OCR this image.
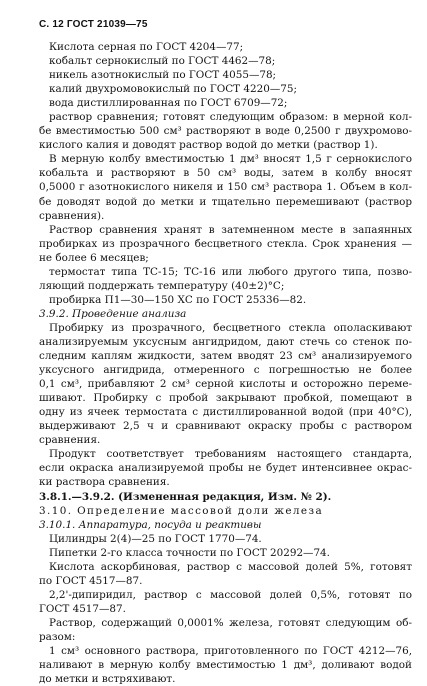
С. 12 ГОСТ 21039—75
Кислота серная по ГОСТ 4204—77;
кобальт сернокислый по ГОСТ 4462—78;
никель азотнокислый по ГОСТ 4055—78;
калий двухромовокислый по ГОСТ 4220—75;
вода дистиллированная по ГОСТ 6709—72;
раствор сравнения; готовят следующим образом: в мерной кол-
бе вместимостью 500 см³ растворяют в воде 0,2500 г двухромово-
кислого калия и доводят раствор водой до метки (раствор 1).
В мерную колбу вместимостью 1 дм³ вносят 1,5 г сернокислого
кобальта и растворяют в 50 см³ воды, затем в колбу вносят
0,5000 г азотнокислого никеля и 150 см³ раствора 1. Объем в кол-
бе доводят водой до метки и тщательно перемешивают (раствор
сравнения).
Раствор сравнения хранят в затемненном месте в запаянных
пробирках из прозрачного бесцветного стекла. Срок хранения —
не более 6 месяцев;
термостат типа ТС-15; ТС-16 или любого другого типа, позво-
ляющий поддержать температуру (40±2)°С;
пробирка П1—30—150 ХС по ГОСТ 25336—82.
3.9.2. Проведение анализа
Пробирку из прозрачного, бесцветного стекла ополаскивают
анализируемым уксусным ангидридом, дают стечь со стенок по-
следним каплям жидкости, затем вводят 23 см³ анализируемого
уксусного ангидрида, отмеренного с погрешностью не более
0,1 см³, прибавляют 2 см³ серной кислоты и осторожно переме-
шивают. Пробирку с пробой закрывают пробкой, помещают в
одну из ячеек термостата с дистиллированной водой (при 40°С),
выдерживают 2,5 ч и сравнивают окраску пробы с раствором
сравнения.
Продукт соответствует требованиям настоящего стандарта,
если окраска анализируемой пробы не будет интенсивнее окрас-
ки раствора сравнения.
3.8.1.—3.9.2. (Измененная редакция, Изм. № 2).
3.10. Определение массовой доли железа
3.10.1. Аппаратура, посуда и реактивы
Цилиндры 2(4)—25 по ГОСТ 1770—74.
Пипетки 2-го класса точности по ГОСТ 20292—74.
Кислота аскорбиновая, раствор с массовой долей 5%, готовят
по ГОСТ 4517—87.
2,2'-дипиридил, раствор с массовой долей 0,5%, готовят по
ГОСТ 4517—87.
Раствор, содержащий 0,0001% железа, готовят следующим об-
разом:
1 см³ основного раствора, приготовленного по ГОСТ 4212—76,
наливают в мерную колбу вместимостью 1 дм³, доливают водой
до метки и встряхивают.
